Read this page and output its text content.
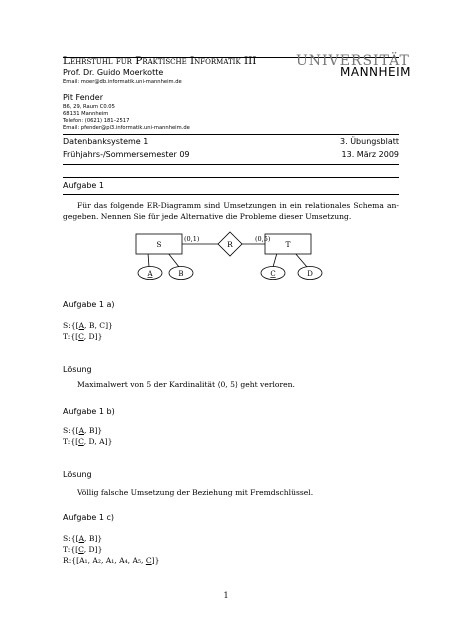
Lehrstuhl für Praktische Informatik III	UNIVERSITÄT
MANNHEIM
Prof. Dr. Guido Moerkotte
Email: moer@db.informatik.uni-mannheim.de
Pit Fender
B6, 29, Raum C0.05
68131 Mannheim
Telefon: (0621) 181–2517
Email: pfender@pi3.informatik.uni-mannheim.de
Datenbanksysteme 1	3. Übungsblatt
Frühjahrs-/Sommersemester 09	13. März 2009
Aufgabe 1
Für das folgende ER-Diagramm sind Umsetzungen in ein relationales Schema an-
gegeben. Nennen Sie für jede Alternative die Probleme dieser Umsetzung.
S	R	T
(0,1)	(0,5)
A	B	C	D
Aufgabe 1 a)
S:{[A, B, C]}
T:{[C, D]}
Lösung
Maximalwert von 5 der Kardinalität ⟨0, 5⟩ geht verloren.
Aufgabe 1 b)
S:{[A, B]}
T:{[C, D, A]}
Lösung
Völlig falsche Umsetzung der Beziehung mit Fremdschlüssel.
Aufgabe 1 c)
S:{[A, B]}
T:{[C, D]}
R:{[A₁, A₂, A₁, A₄, A₅, C]}
1
